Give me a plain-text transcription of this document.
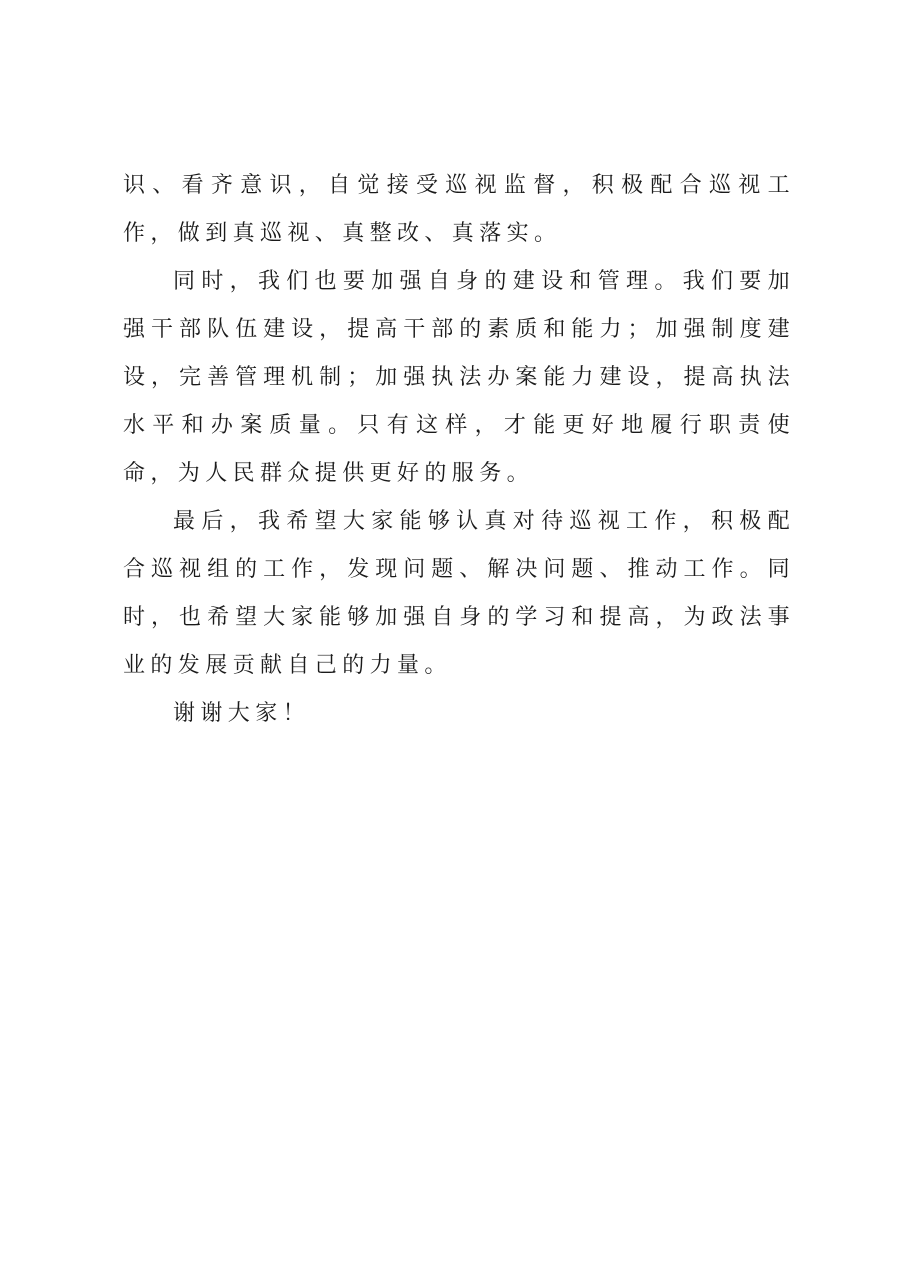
识、看齐意识，自觉接受巡视监督，积极配合巡视工作，做到真巡视、真整改、真落实。

同时，我们也要加强自身的建设和管理。我们要加强干部队伍建设，提高干部的素质和能力；加强制度建设，完善管理机制；加强执法办案能力建设，提高执法水平和办案质量。只有这样，才能更好地履行职责使命，为人民群众提供更好的服务。

最后，我希望大家能够认真对待巡视工作，积极配合巡视组的工作，发现问题、解决问题、推动工作。同时，也希望大家能够加强自身的学习和提高，为政法事业的发展贡献自己的力量。

谢谢大家！
